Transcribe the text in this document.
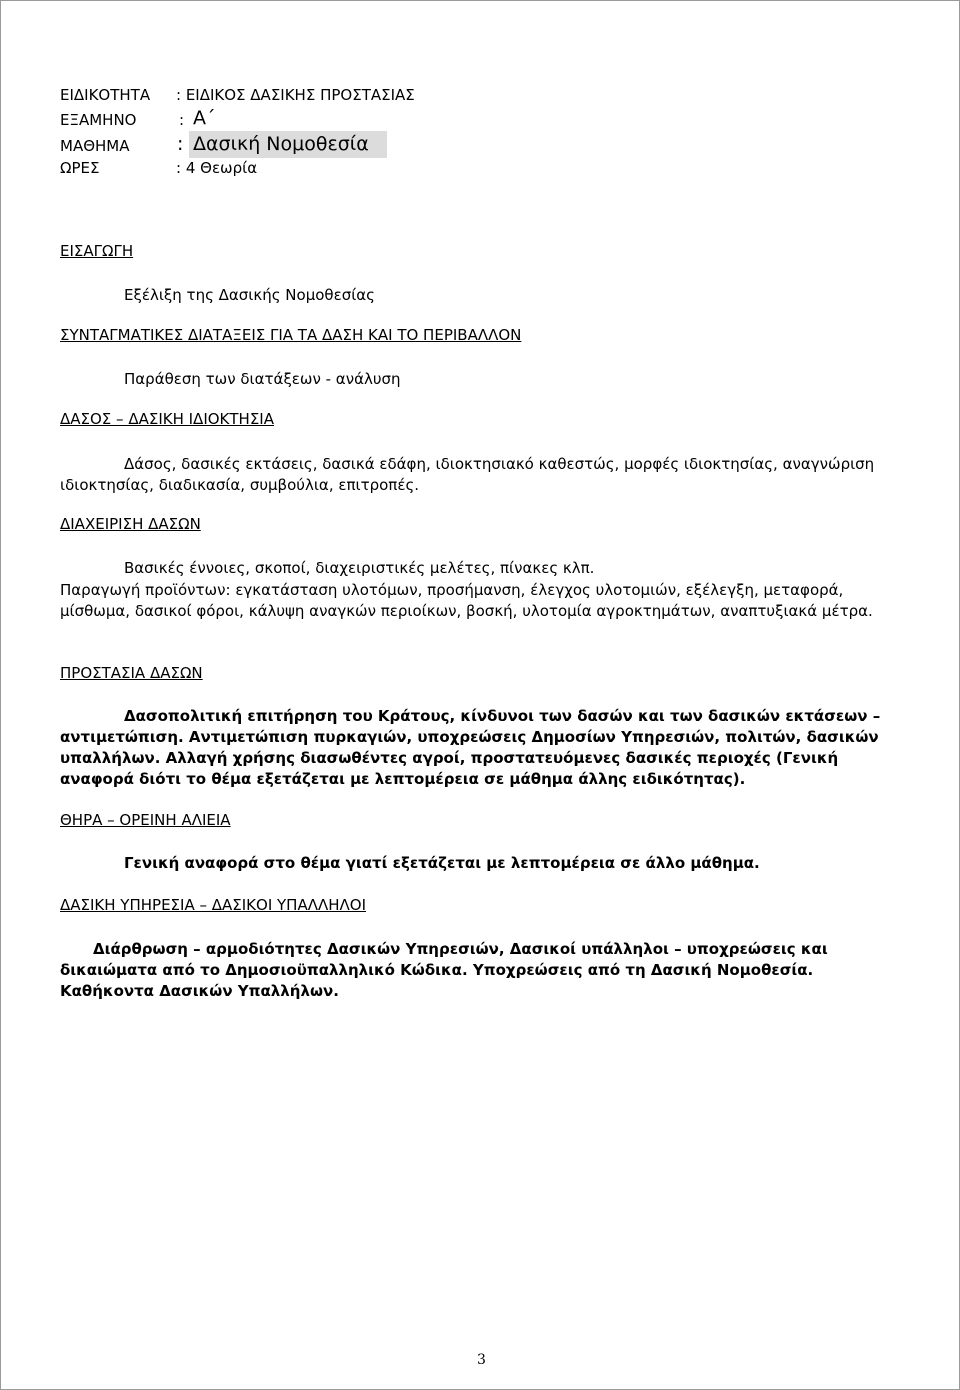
ΕΙΔΙΚΟΤΗΤΑ : ΕΙΔΙΚΟΣ ΔΑΣΙΚΗΣ ΠΡΟΣΤΑΣΙΑΣ
ΕΞΑΜΗΝΟ	: Α΄
ΜΑΘΗΜΑ	: Δασική Νομοθεσία
ΩΡΕΣ	: 4 Θεωρία
ΕΙΣΑΓΩΓΗ
Εξέλιξη της Δασικής Νομοθεσίας
ΣΥΝΤΑΓΜΑΤΙΚΕΣ ΔΙΑΤΑΞΕΙΣ ΓΙΑ ΤΑ ΔΑΣΗ ΚΑΙ ΤΟ ΠΕΡΙΒΑΛΛΟΝ
Παράθεση των διατάξεων - ανάλυση
ΔΑΣΟΣ – ΔΑΣΙΚΗ ΙΔΙΟΚΤΗΣΙΑ
Δάσος, δασικές εκτάσεις, δασικά εδάφη, ιδιοκτησιακό καθεστώς, μορφές ιδιοκτησίας, αναγνώριση ιδιοκτησίας, διαδικασία, συμβούλια, επιτροπές.
ΔΙΑΧΕΙΡΙΣΗ ΔΑΣΩΝ
Βασικές έννοιες, σκοποί, διαχειριστικές μελέτες, πίνακες κλπ.
Παραγωγή προϊόντων: εγκατάσταση υλοτόμων, προσήμανση, έλεγχος υλοτομιών, εξέλεγξη, μεταφορά, μίσθωμα, δασικοί φόροι, κάλυψη αναγκών περιοίκων, βοσκή, υλοτομία αγροκτημάτων, αναπτυξιακά μέτρα.
ΠΡΟΣΤΑΣΙΑ ΔΑΣΩΝ
Δασοπολιτική επιτήρηση του Κράτους, κίνδυνοι των δασών και των δασικών εκτάσεων – αντιμετώπιση. Αντιμετώπιση πυρκαγιών, υποχρεώσεις Δημοσίων Υπηρεσιών, πολιτών, δασικών υπαλλήλων. Αλλαγή χρήσης διασωθέντες αγροί, προστατευόμενες δασικές περιοχές (Γενική αναφορά διότι το θέμα εξετάζεται με λεπτομέρεια σε μάθημα άλλης ειδικότητας).
ΘΗΡΑ – ΟΡΕΙΝΗ ΑΛΙΕΙΑ
Γενική αναφορά στο θέμα γιατί εξετάζεται με λεπτομέρεια σε άλλο μάθημα.
ΔΑΣΙΚΗ ΥΠΗΡΕΣΙΑ – ΔΑΣΙΚΟΙ ΥΠΑΛΛΗΛΟΙ
Διάρθρωση – αρμοδιότητες Δασικών Υπηρεσιών, Δασικοί υπάλληλοι – υποχρεώσεις και δικαιώματα από το Δημοσιοϋπαλληλικό Κώδικα. Υποχρεώσεις από τη Δασική Νομοθεσία. Καθήκοντα Δασικών Υπαλλήλων.
3
